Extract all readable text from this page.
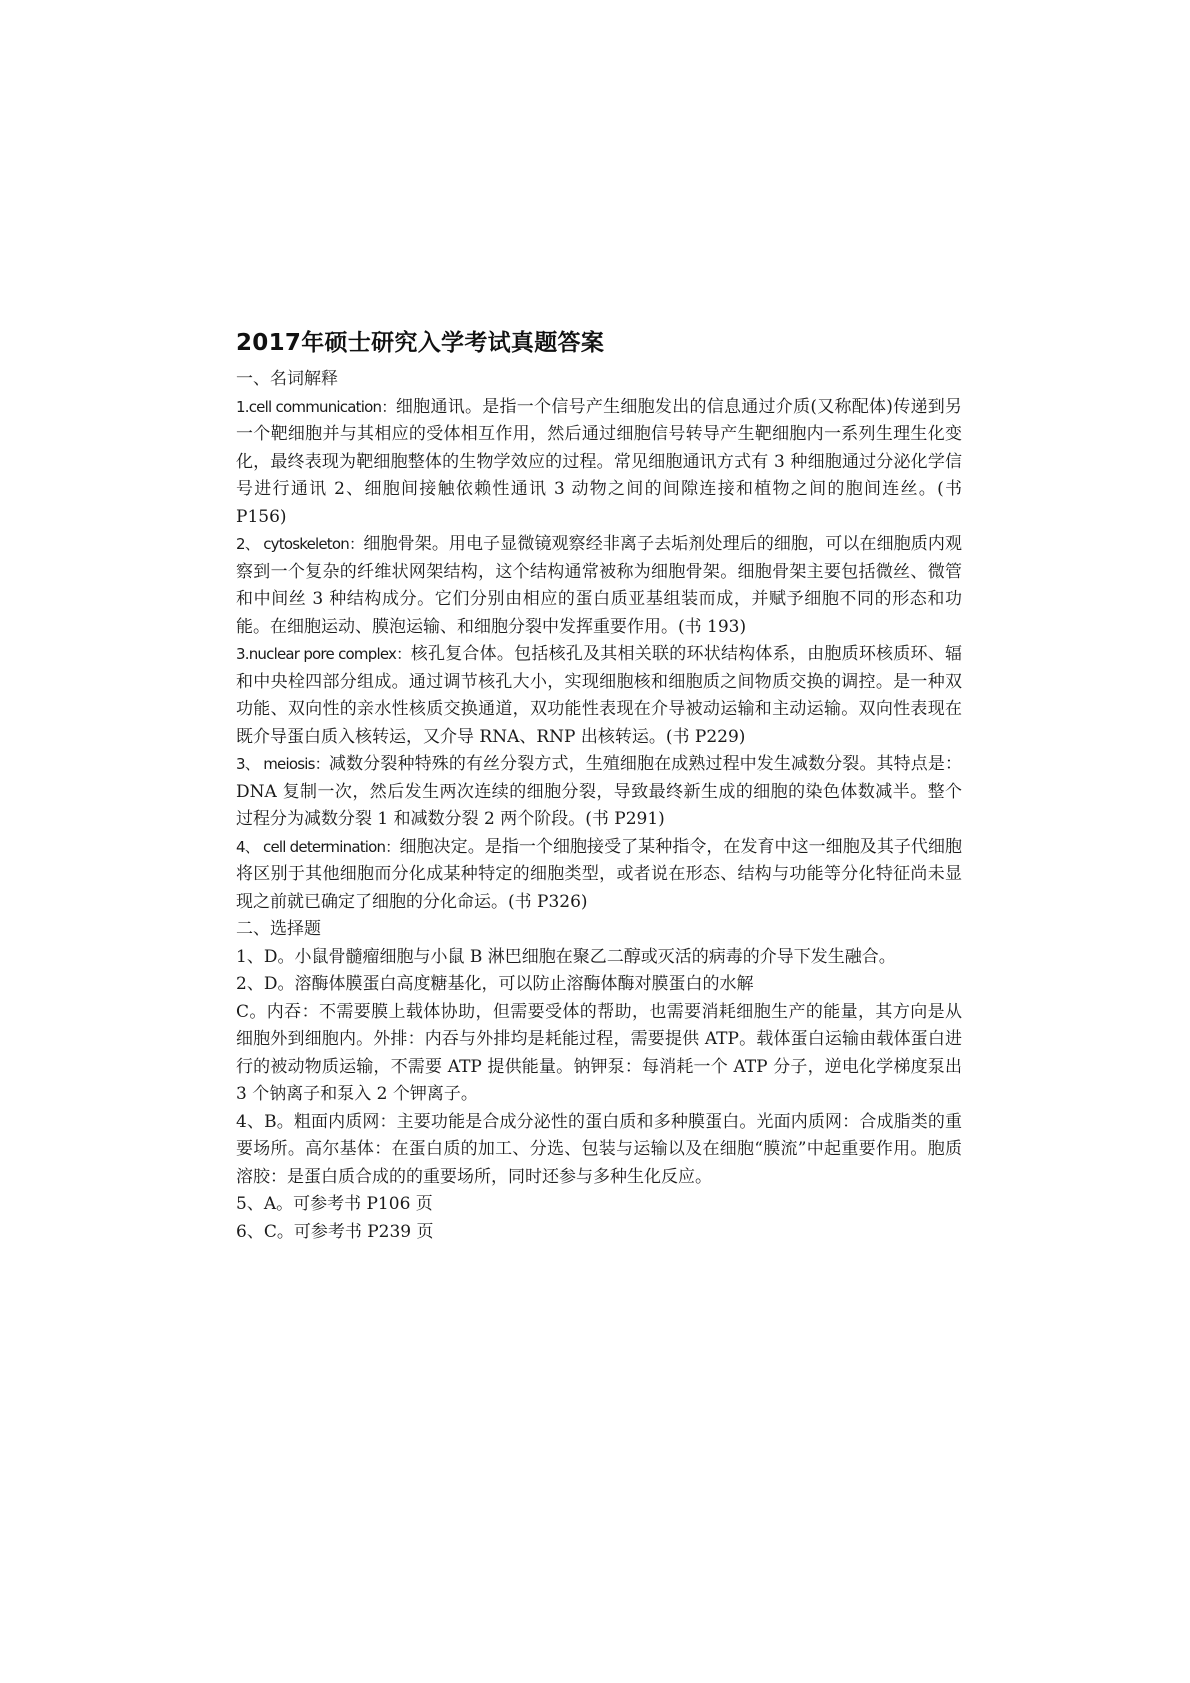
2017年硕士研究入学考试真题答案

一、名词解释

1.cell communication：细胞通讯。是指一个信号产生细胞发出的信息通过介质(又称配体)传递到另一个靶细胞并与其相应的受体相互作用，然后通过细胞信号转导产生靶细胞内一系列生理生化变化，最终表现为靶细胞整体的生物学效应的过程。常见细胞通讯方式有 3 种细胞通过分泌化学信号进行通讯 2、细胞间接触依赖性通讯 3 动物之间的间隙连接和植物之间的胞间连丝。(书 P156)

2、 cytoskeleton：细胞骨架。用电子显微镜观察经非离子去垢剂处理后的细胞，可以在细胞质内观察到一个复杂的纤维状网架结构，这个结构通常被称为细胞骨架。细胞骨架主要包括微丝、微管和中间丝 3 种结构成分。它们分别由相应的蛋白质亚基组装而成，并赋予细胞不同的形态和功能。在细胞运动、膜泡运输、和细胞分裂中发挥重要作用。(书 193)

3.nuclear pore complex：核孔复合体。包括核孔及其相关联的环状结构体系，由胞质环核质环、辐和中央栓四部分组成。通过调节核孔大小，实现细胞核和细胞质之间物质交换的调控。是一种双功能、双向性的亲水性核质交换通道，双功能性表现在介导被动运输和主动运输。双向性表现在既介导蛋白质入核转运，又介导 RNA、RNP 出核转运。(书 P229)

3、 meiosis：减数分裂种特殊的有丝分裂方式，生殖细胞在成熟过程中发生减数分裂。其特点是：DNA 复制一次，然后发生两次连续的细胞分裂，导致最终新生成的细胞的染色体数减半。整个过程分为减数分裂 1 和减数分裂 2 两个阶段。(书 P291)

4、 cell determination：细胞决定。是指一个细胞接受了某种指令，在发育中这一细胞及其子代细胞将区别于其他细胞而分化成某种特定的细胞类型，或者说在形态、结构与功能等分化特征尚未显现之前就已确定了细胞的分化命运。(书 P326)

二、选择题

1、D。小鼠骨髓瘤细胞与小鼠 B 淋巴细胞在聚乙二醇或灭活的病毒的介导下发生融合。

2、D。溶酶体膜蛋白高度糖基化，可以防止溶酶体酶对膜蛋白的水解

C。内吞：不需要膜上载体协助，但需要受体的帮助，也需要消耗细胞生产的能量，其方向是从细胞外到细胞内。外排：内吞与外排均是耗能过程，需要提供 ATP。载体蛋白运输由载体蛋白进行的被动物质运输，不需要 ATP 提供能量。钠钾泵：每消耗一个 ATP 分子，逆电化学梯度泵出 3 个钠离子和泵入 2 个钾离子。

4、B。粗面内质网：主要功能是合成分泌性的蛋白质和多种膜蛋白。光面内质网：合成脂类的重要场所。高尔基体：在蛋白质的加工、分选、包装与运输以及在细胞“膜流”中起重要作用。胞质溶胶：是蛋白质合成的的重要场所，同时还参与多种生化反应。

5、A。可参考书 P106 页

6、C。可参考书 P239 页
